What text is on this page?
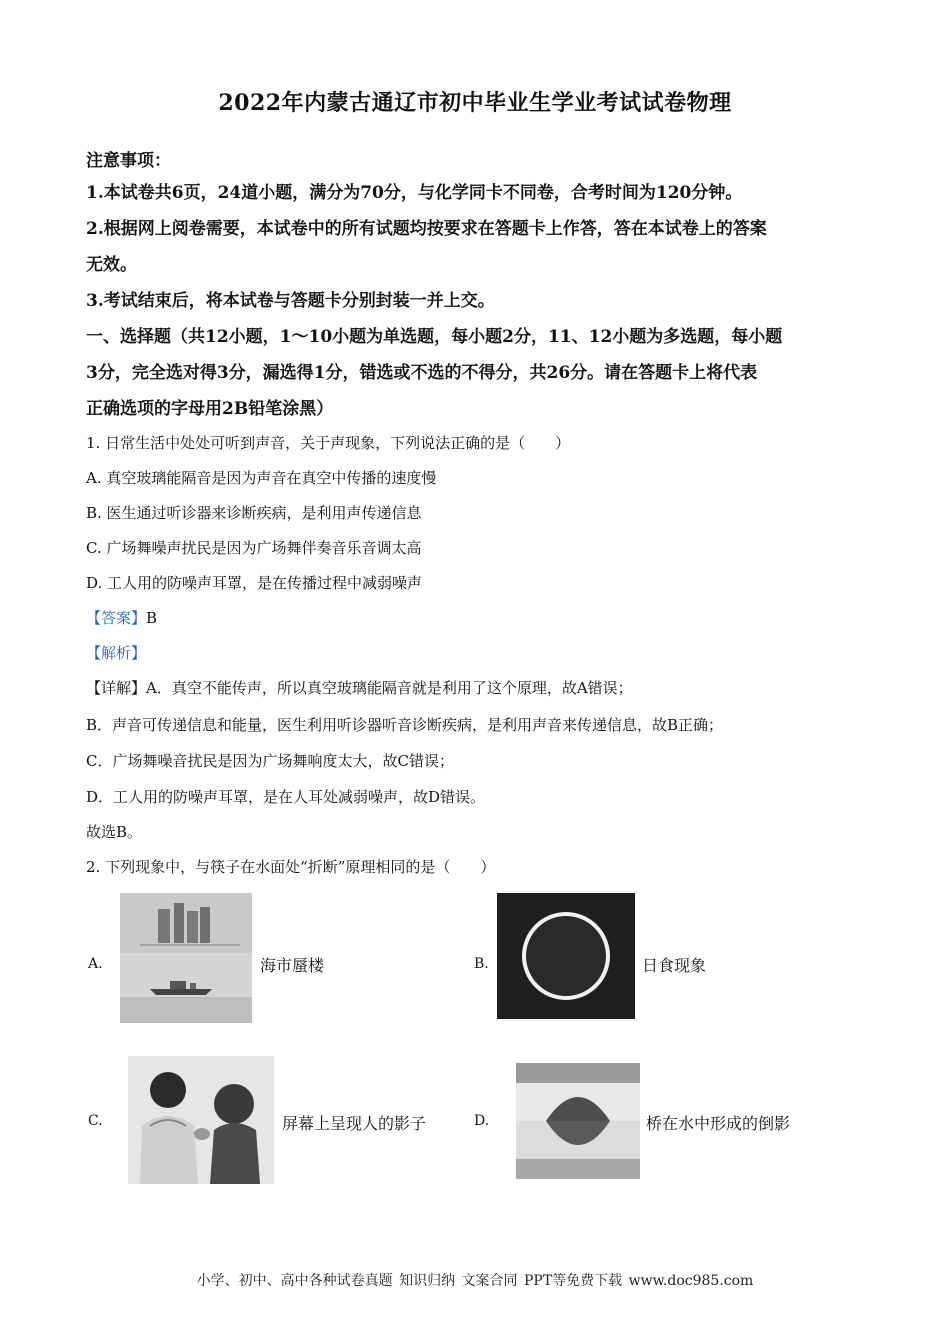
2022年内蒙古通辽市初中毕业生学业考试试卷物理
注意事项：
1.本试卷共6页，24道小题，满分为70分，与化学同卡不同卷，合考时间为120分钟。
2.根据网上阅卷需要，本试卷中的所有试题均按要求在答题卡上作答，答在本试卷上的答案
无效。
3.考试结束后，将本试卷与答题卡分别封装一并上交。
一、选择题（共12小题，1～10小题为单选题，每小题2分，11、12小题为多选题，每小题
3分，完全选对得3分，漏选得1分，错选或不选的不得分，共26分。请在答题卡上将代表
正确选项的字母用2B铅笔涂黑）
1. 日常生活中处处可听到声音，关于声现象，下列说法正确的是（　　）
A. 真空玻璃能隔音是因为声音在真空中传播的速度慢
B. 医生通过听诊器来诊断疾病，是利用声传递信息
C. 广场舞噪声扰民是因为广场舞伴奏音乐音调太高
D. 工人用的防噪声耳罩，是在传播过程中减弱噪声
【答案】B
【解析】
【详解】A．真空不能传声，所以真空玻璃能隔音就是利用了这个原理，故A错误；
B．声音可传递信息和能量，医生利用听诊器听音诊断疾病，是利用声音来传递信息，故B正确；
C．广场舞噪音扰民是因为广场舞响度太大，故C错误；
D．工人用的防噪声耳罩，是在人耳处减弱噪声，故D错误。
故选B。
2. 下列现象中，与筷子在水面处“折断”原理相同的是（　　）
A.	海市蜃楼	B.	日食现象
C.	屏幕上呈现人的影子	D.	桥在水中形成的倒影
小学、初中、高中各种试卷真题 知识归纳 文案合同 PPT等免费下载 www.doc985.com
